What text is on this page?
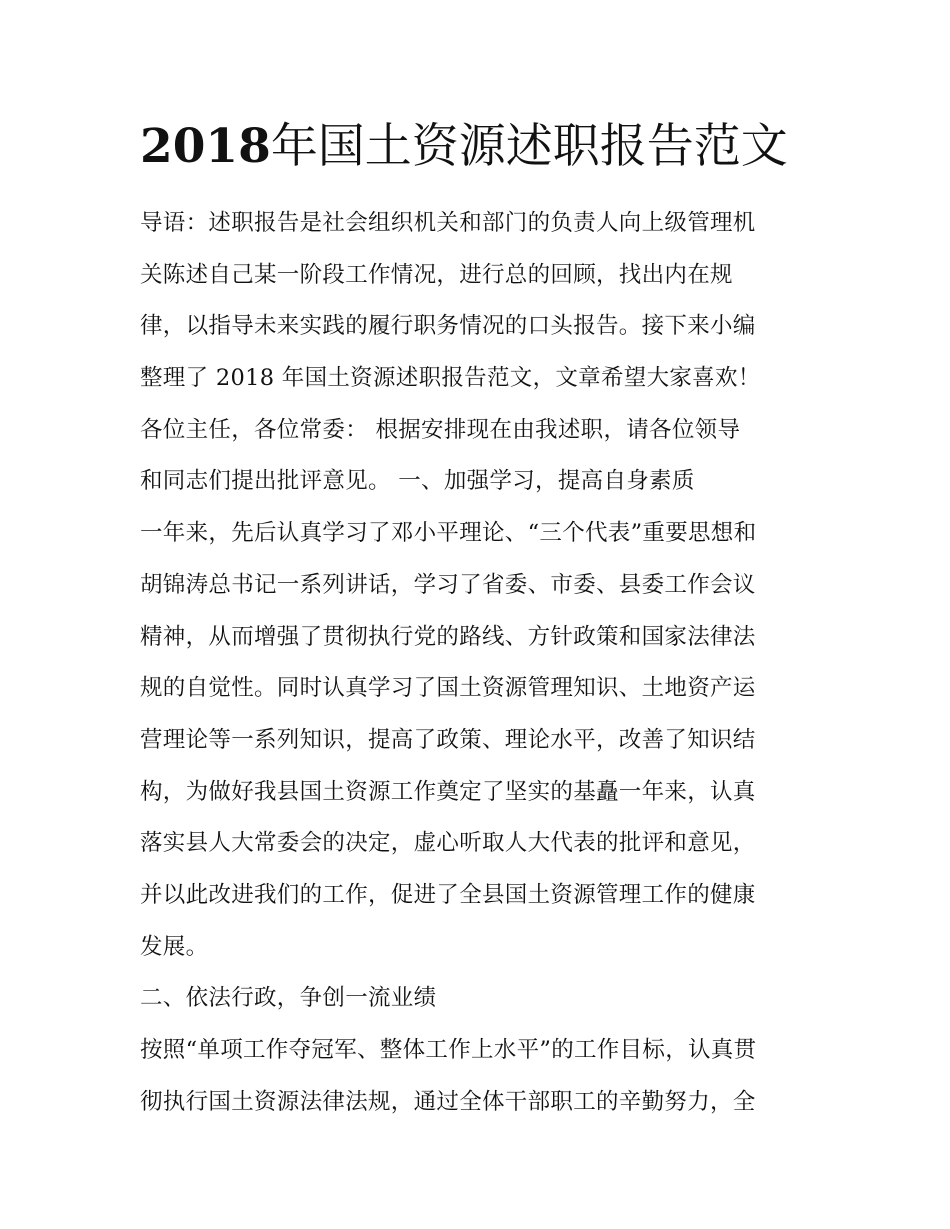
2018年国土资源述职报告范文
导语：述职报告是社会组织机关和部门的负责人向上级管理机
关陈述自己某一阶段工作情况，进行总的回顾，找出内在规
律，以指导未来实践的履行职务情况的口头报告。接下来小编
整理了 2018 年国土资源述职报告范文，文章希望大家喜欢！
各位主任，各位常委： 根据安排现在由我述职，请各位领导
和同志们提出批评意见。 一、加强学习，提高自身素质
一年来，先后认真学习了邓小平理论、“三个代表”重要思想和
胡锦涛总书记一系列讲话，学习了省委、市委、县委工作会议
精神，从而增强了贯彻执行党的路线、方针政策和国家法律法
规的自觉性。同时认真学习了国土资源管理知识、土地资产运
营理论等一系列知识，提高了政策、理论水平，改善了知识结
构，为做好我县国土资源工作奠定了坚实的基矗一年来，认真
落实县人大常委会的决定，虚心听取人大代表的批评和意见，
并以此改进我们的工作，促进了全县国土资源管理工作的健康
发展。
二、依法行政，争创一流业绩
按照“单项工作夺冠军、整体工作上水平”的工作目标，认真贯
彻执行国土资源法律法规，通过全体干部职工的辛勤努力，全
